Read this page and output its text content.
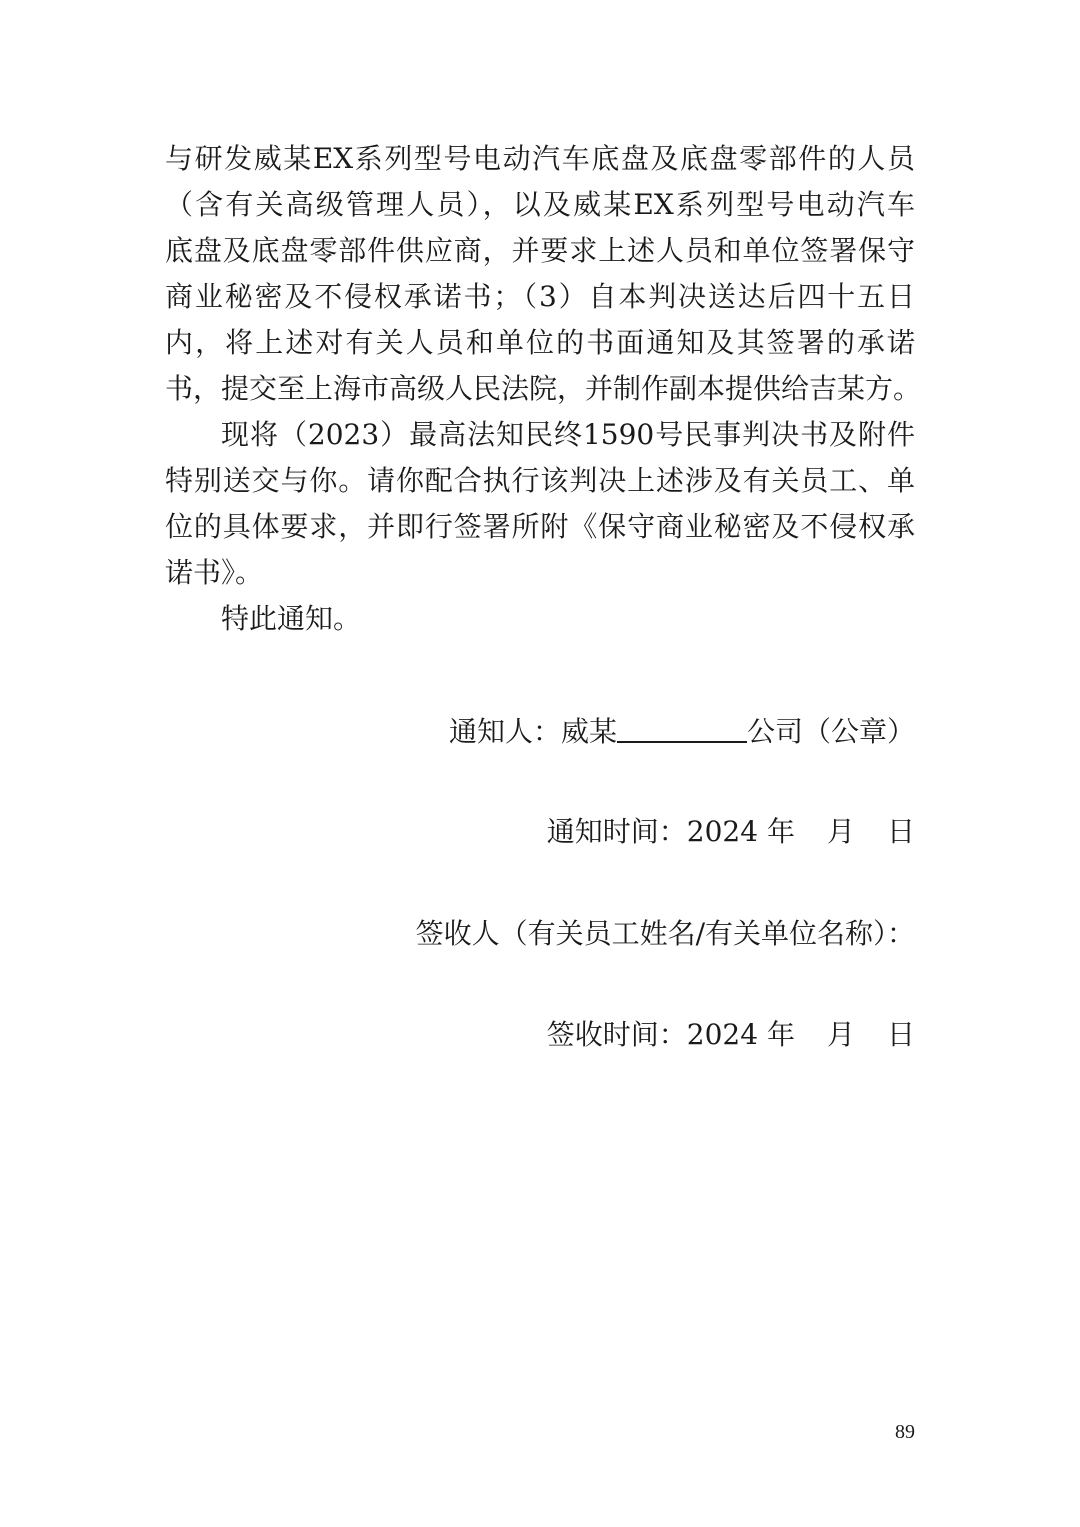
与研发威某EX系列型号电动汽车底盘及底盘零部件的人员
（含有关高级管理人员），以及威某EX系列型号电动汽车
底盘及底盘零部件供应商，并要求上述人员和单位签署保守
商业秘密及不侵权承诺书；（3）自本判决送达后四十五日
内，将上述对有关人员和单位的书面通知及其签署的承诺
书，提交至上海市高级人民法院，并制作副本提供给吉某方。
现将（2023）最高法知民终1590号民事判决书及附件
特别送交与你。请你配合执行该判决上述涉及有关员工、单
位的具体要求，并即行签署所附《保守商业秘密及不侵权承
诺书》。
特此通知。
通知人：威某	公司（公章）
通知时间：2024 年 月 日
签收人（有关员工姓名/有关单位名称）：
签收时间：2024 年 月 日
89
